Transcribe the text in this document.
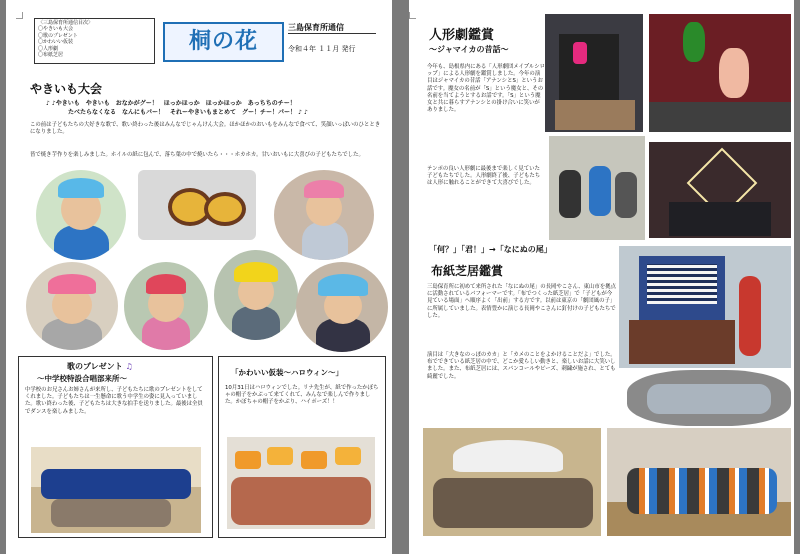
〈三島保育所通信目次〉
〇やきいも大会
〇歌のプレゼント
〇かわいい仮装
〇人形劇
〇布紙芝居
桐の花
三島保育所通信
令和４年 １１月 発行
やきいも大会
♪ ♪やきいも　やきいも　おなかがグー！　ほっかほっか　ほっかほっか　あっちちのチー！
たべたらなくなる　なんにもパー！　それーやきいもまとめて　グー！チー！パー！ ♪ ♪
この前は子どもたちの大好きな歌で、歌い終わった後はみんなでじゃんけん大会。ほかほかのおいもをみんなで食べて、笑顔いっぱいのひとときになりました。
皆で焼き芋作りを楽しみました。ホイルの紙に包んで、落ち葉の中で焼いたら・・・ホカホカ。甘いおいもに大喜びの子どもたちでした。
歌のプレゼント ♫
～中学校特設合唱部来所～
中学校のお兄さんお姉さんが来所し、子どもたちに歌のプレゼントをしてくれました。子どもたちは一生懸命に歌う中学生の姿に見入っていました。歌い終わった後、子どもたちは大きな拍手を送りました。最後は全員でダンスを楽しみました。
「かわいい仮装～ハロウィン～」
10月31日はハロウィンでした。リナ先生が、紙で作ったかぼちゃの帽子をかぶって来てくれて、みんなで楽しんで作りました。かぼちゃの帽子をかぶり、ハイポーズ！！
人形劇鑑賞
～ジャマイカの昔話～
今年も、島根県内にある「人形劇団メイプルシロップ」による人形劇を鑑賞しました。今年の演目はジャマイカの昔話「アナンシとS」というお話です。魔女の名前が「S」という魔女と、その名前を当てようとするお話です。「S」という魔女と共に暮らすアナンシとの掛け合いに笑いがありました。
テンポの良い人形劇に最後まで楽しく見ていた子どもたちでした。人形劇終了後、子どもたちは人形に触れることができて大喜びでした。
「何？」「君！」→「なにぬの尾」
布紙芝居鑑賞
三島保育所に初めて来所された「なにぬの尾」の長岡やこさん、東山市を拠点に活動されているパフォーマーです。「布でつくった紙芝居」で「子どもが今見ている場面」へ順序よく「出前」する方です。以前は東京の「劇団風の子」に所属していました。表情豊かに演じる長岡やこさんに釘付けの子どもたちでした。
演目は「大きなのっぽのカカ」と「カメのことをよかけることだよ」でした。布でできている紙芝居の中で、どこか愛らしい動きと、楽しいお話に大笑いしました。また、布紙芝居には、スパンコールやビーズ、刺繍が施され、とても綺麗でした。
